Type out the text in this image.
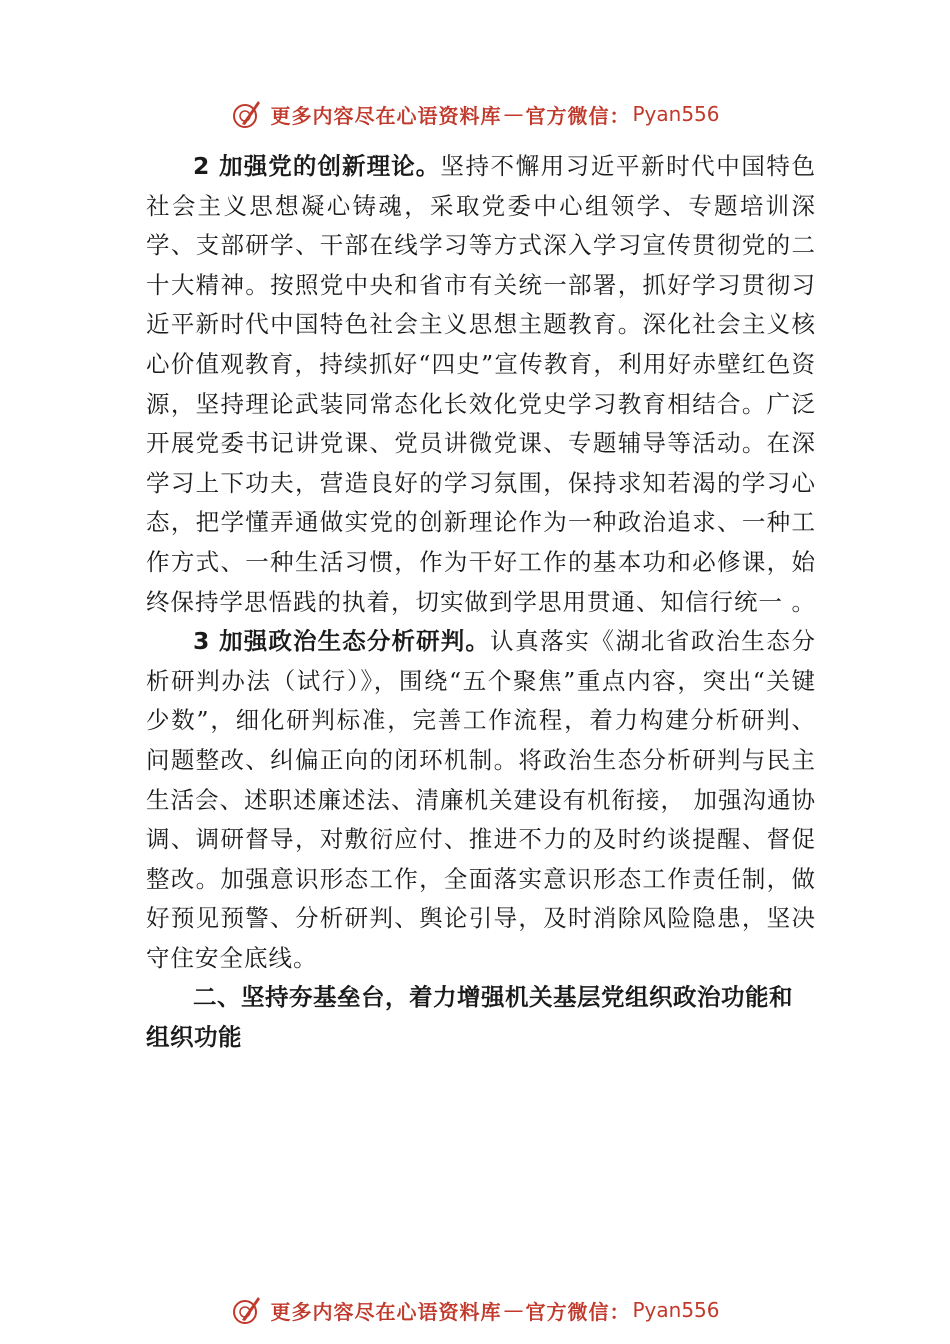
更多内容尽在心语资料库 — 官方微信： Pyan556

2 加强党的创新理论。坚持不懈用习近平新时代中国特色社会主义思想凝心铸魂，采取党委中心组领学、专题培训深学、支部研学、干部在线学习等方式深入学习宣传贯彻党的二十大精神。按照党中央和省市有关统一部署，抓好学习贯彻习近平新时代中国特色社会主义思想主题教育。深化社会主义核心价值观教育，持续抓好“四史”宣传教育，利用好赤壁红色资源，坚持理论武装同常态化长效化党史学习教育相结合。广泛开展党委书记讲党课、党员讲微党课、专题辅导等活动。在深学习上下功夫，营造良好的学习氛围，保持求知若渴的学习心态，把学懂弄通做实党的创新理论作为一种政治追求、一种工作方式、一种生活习惯，作为干好工作的基本功和必修课，始终保持学思悟践的执着，切实做到学思用贯通、知信行统一 。

3 加强政治生态分析研判。认真落实《湖北省政治生态分析研判办法（试行）》，围绕“五个聚焦”重点内容，突出“关键少数”，细化研判标准，完善工作流程，着力构建分析研判、问题整改、纠偏正向的闭环机制。将政治生态分析研判与民主生活会、述职述廉述法、清廉机关建设有机衔接， 加强沟通协调、调研督导，对敷衍应付、推进不力的及时约谈提醒、督促整改。加强意识形态工作，全面落实意识形态工作责任制，做好预见预警、分析研判、舆论引导，及时消除风险隐患，坚决守住安全底线。

二、坚持夯基垒台，着力增强机关基层党组织政治功能和组织功能

更多内容尽在心语资料库 — 官方微信： Pyan556
